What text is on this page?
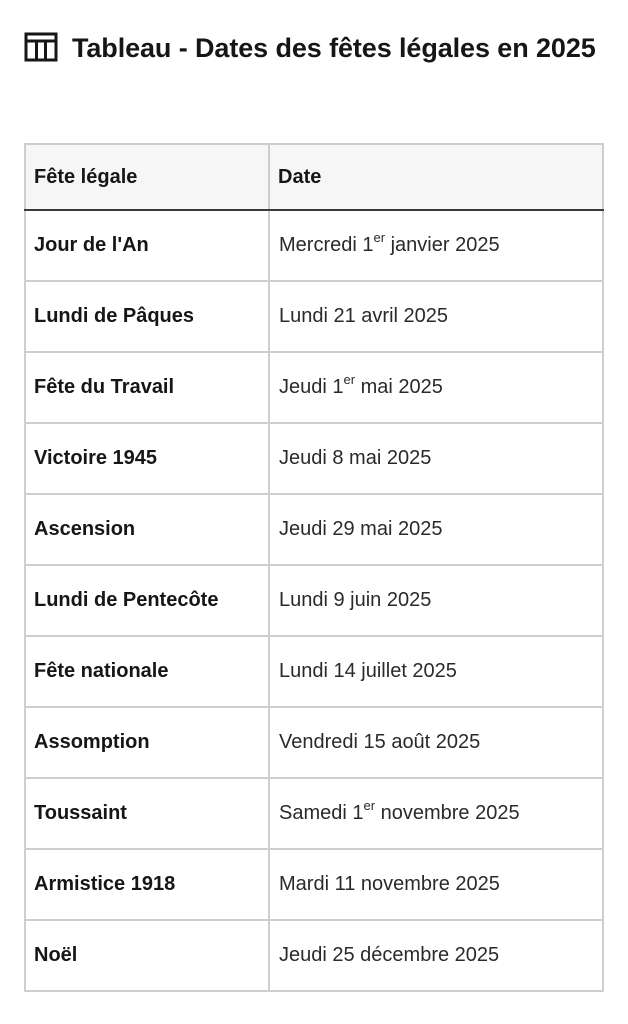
Tableau - Dates des fêtes légales en 2025
Fête légale	Date
Jour de l'An	Mercredi 1er janvier 2025
Lundi de Pâques	Lundi 21 avril 2025
Fête du Travail	Jeudi 1er mai 2025
Victoire 1945	Jeudi 8 mai 2025
Ascension	Jeudi 29 mai 2025
Lundi de Pentecôte	Lundi 9 juin 2025
Fête nationale	Lundi 14 juillet 2025
Assomption	Vendredi 15 août 2025
Toussaint	Samedi 1er novembre 2025
Armistice 1918	Mardi 11 novembre 2025
Noël	Jeudi 25 décembre 2025
